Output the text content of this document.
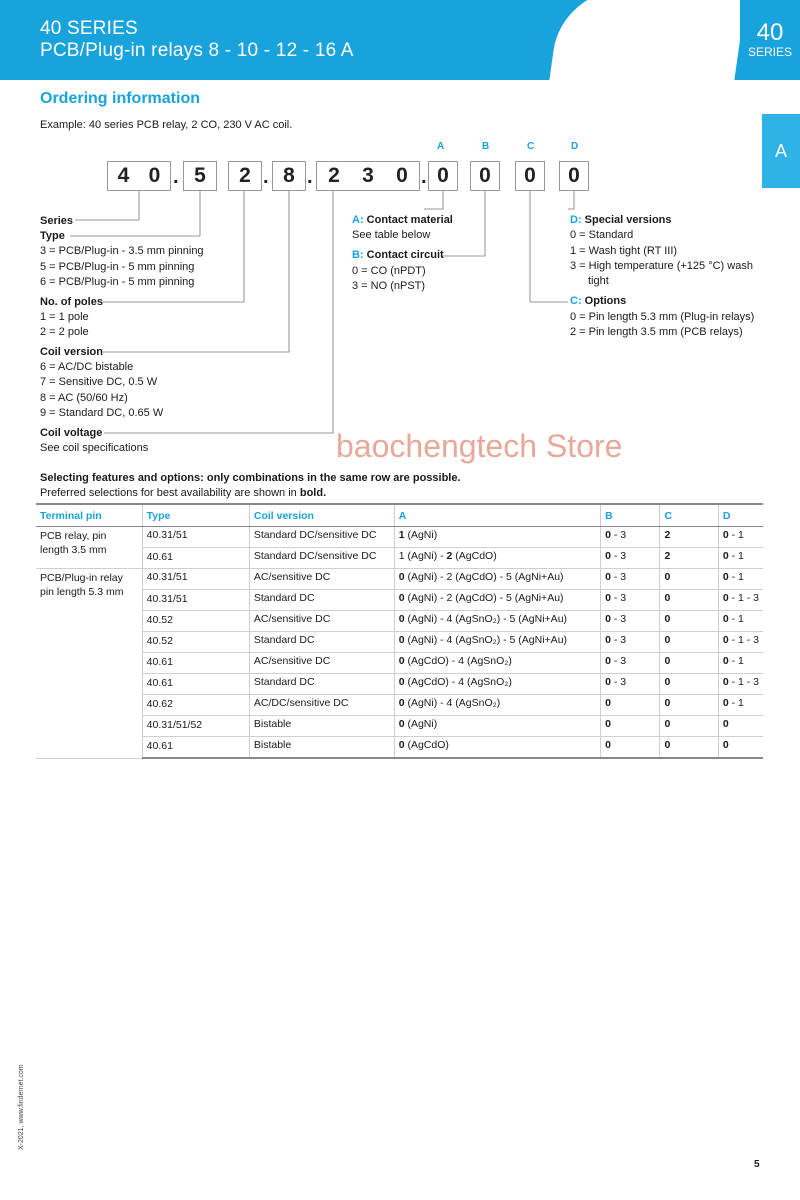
40 SERIES
PCB/Plug-in relays 8 - 10 - 12 - 16 A
40
SERIES
A
Ordering information
Example: 40 series PCB relay, 2 CO, 230 V AC coil.
A	B	C	D
4 0 . 5	2 . 8 . 2	3	0 . 0	0	0	0
Series
Type
3 = PCB/Plug-in - 3.5 mm pinning
5 = PCB/Plug-in - 5 mm pinning
6 = PCB/Plug-in - 5 mm pinning
No. of poles
1 = 1 pole
2 = 2 pole
Coil version
6 = AC/DC bistable
7 = Sensitive DC, 0.5 W
8 = AC (50/60 Hz)
9 = Standard DC, 0.65 W
Coil voltage
See coil specifications
A: Contact material
See table below
B: Contact circuit
0 = CO (nPDT)
3 = NO (nPST)
D: Special versions
0 = Standard
1 = Wash tight (RT III)
3 = High temperature (+125 °C) wash
tight
C: Options
0 = Pin length 5.3 mm (Plug-in relays)
2 = Pin length 3.5 mm (PCB relays)
baochengtech Store
Selecting features and options: only combinations in the same row are possible.
Preferred selections for best availability are shown in bold.
Terminal pin	Type	Coil version	A	B	C	D
PCB relay, pin length 3.5 mm	40.31/51	Standard DC/sensitive DC	1 (AgNi)	0 - 3	2	0 - 1
	40.61	Standard DC/sensitive DC	1 (AgNi) - 2 (AgCdO)	0 - 3	2	0 - 1
PCB/Plug-in relay pin length 5.3 mm	40.31/51	AC/sensitive DC	0 (AgNi) - 2 (AgCdO) - 5 (AgNi+Au)	0 - 3	0	0 - 1
	40.31/51	Standard DC	0 (AgNi) - 2 (AgCdO) - 5 (AgNi+Au)	0 - 3	0	0 - 1 - 3
	40.52	AC/sensitive DC	0 (AgNi) - 4 (AgSnO₂) - 5 (AgNi+Au)	0 - 3	0	0 - 1
	40.52	Standard DC	0 (AgNi) - 4 (AgSnO₂) - 5 (AgNi+Au)	0 - 3	0	0 - 1 - 3
	40.61	AC/sensitive DC	0 (AgCdO) - 4 (AgSnO₂)	0 - 3	0	0 - 1
	40.61	Standard DC	0 (AgCdO) - 4 (AgSnO₂)	0 - 3	0	0 - 1 - 3
	40.62	AC/DC/sensitive DC	0 (AgNi) - 4 (AgSnO₂)	0	0	0 - 1
	40.31/51/52	Bistable	0 (AgNi)	0	0	0
	40.61	Bistable	0 (AgCdO)	0	0	0
X-2021, www.findernet.com
5
